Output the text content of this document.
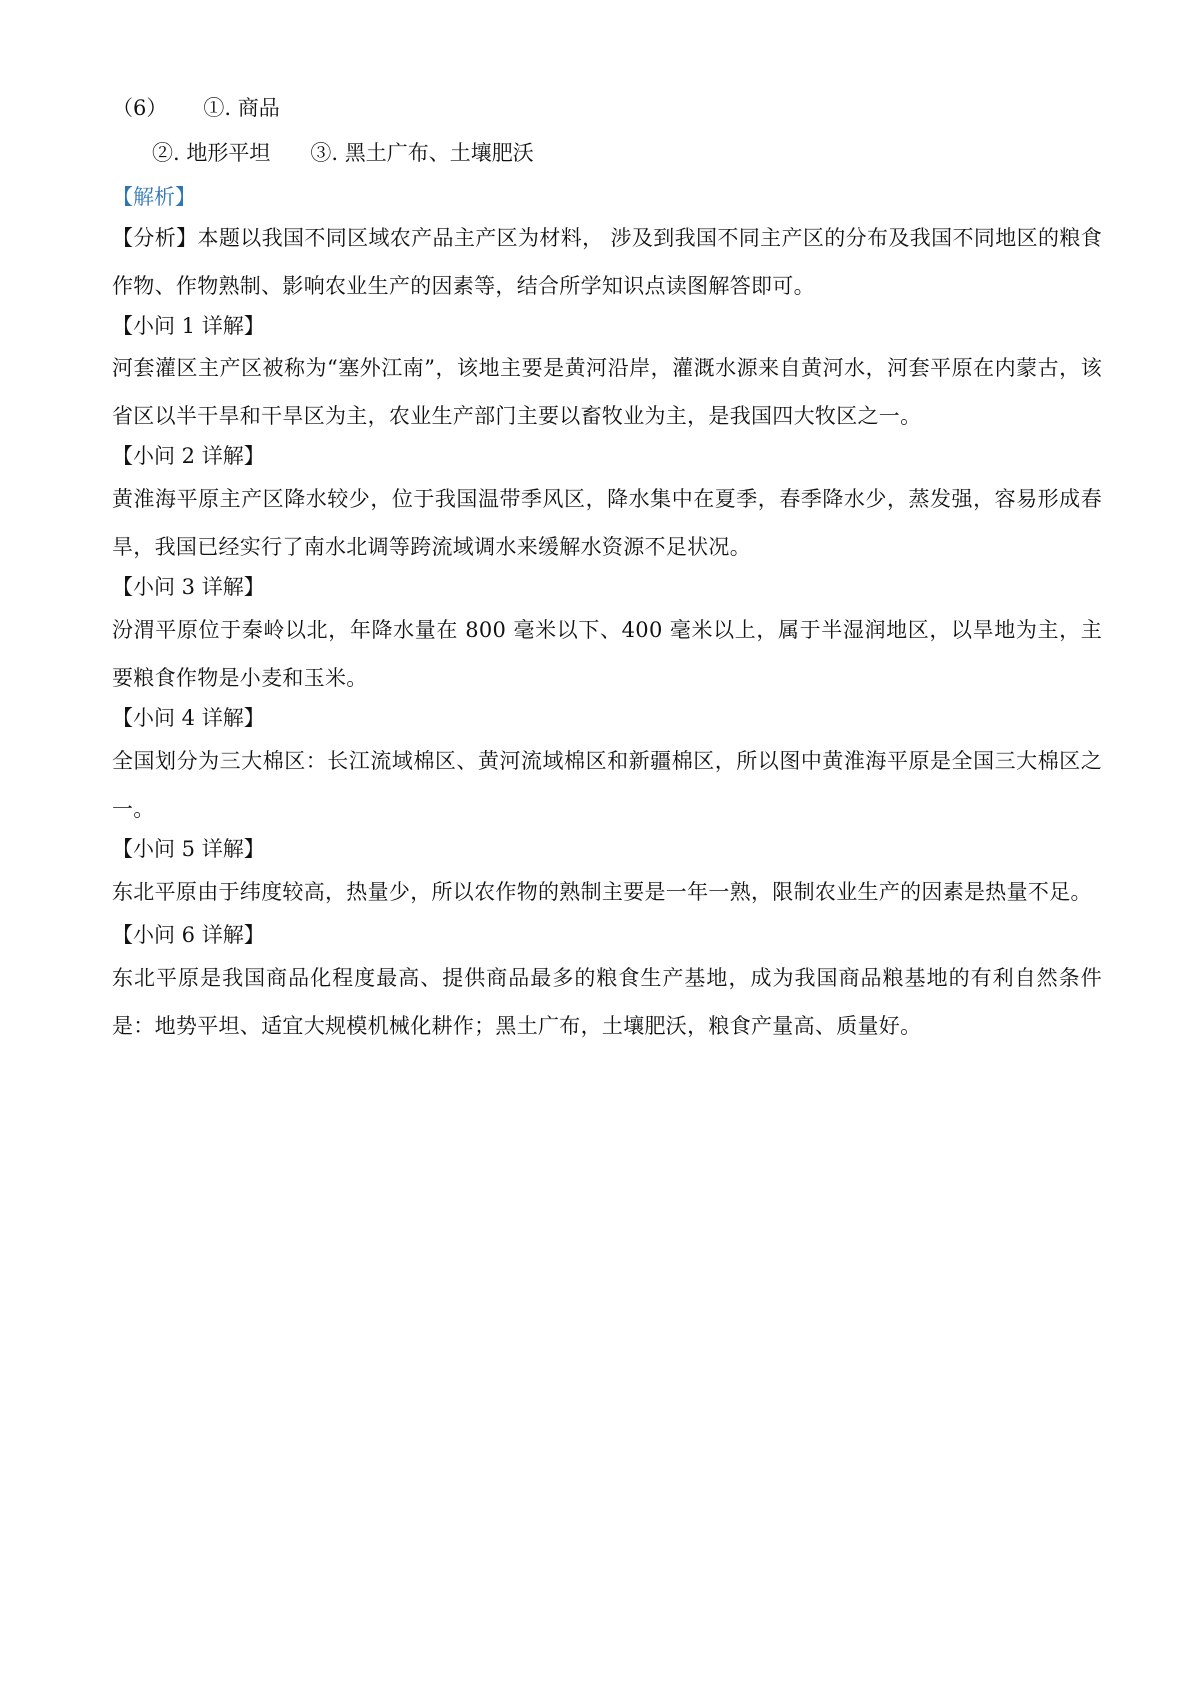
（6） ①. 商品
②. 地形平坦 ③. 黑土广布、土壤肥沃
【解析】
【分析】本题以我国不同区域农产品主产区为材料， 涉及到我国不同主产区的分布及我国不同地区的粮食作物、作物熟制、影响农业生产的因素等，结合所学知识点读图解答即可。
【小问 1 详解】
河套灌区主产区被称为“塞外江南”，该地主要是黄河沿岸，灌溉水源来自黄河水，河套平原在内蒙古，该省区以半干旱和干旱区为主，农业生产部门主要以畜牧业为主，是我国四大牧区之一。
【小问 2 详解】
黄淮海平原主产区降水较少，位于我国温带季风区，降水集中在夏季，春季降水少，蒸发强，容易形成春旱，我国已经实行了南水北调等跨流域调水来缓解水资源不足状况。
【小问 3 详解】
汾渭平原位于秦岭以北，年降水量在 800 毫米以下、400 毫米以上，属于半湿润地区，以旱地为主，主要粮食作物是小麦和玉米。
【小问 4 详解】
全国划分为三大棉区：长江流域棉区、黄河流域棉区和新疆棉区，所以图中黄淮海平原是全国三大棉区之一。
【小问 5 详解】
东北平原由于纬度较高，热量少，所以农作物的熟制主要是一年一熟，限制农业生产的因素是热量不足。
【小问 6 详解】
东北平原是我国商品化程度最高、提供商品最多的粮食生产基地，成为我国商品粮基地的有利自然条件是：地势平坦、适宜大规模机械化耕作；黑土广布，土壤肥沃，粮食产量高、质量好。
